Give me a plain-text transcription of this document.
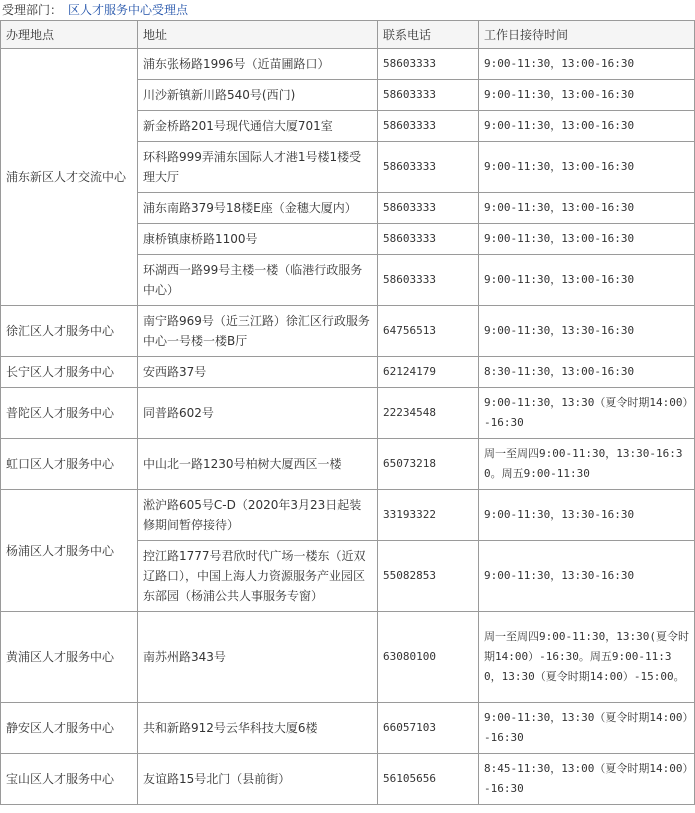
受理部门： 区人才服务中心受理点
办理地点	地址	联系电话	工作日接待时间
浦东新区人才交流中心	浦东张杨路1996号（近苗圃路口）	58603333	9:00-11:30，13:00-16:30
	川沙新镇新川路540号(西门)	58603333	9:00-11:30，13:00-16:30
	新金桥路201号现代通信大厦701室	58603333	9:00-11:30，13:00-16:30
	环科路999弄浦东国际人才港1号楼1楼受理大厅	58603333	9:00-11:30，13:00-16:30
	浦东南路379号18楼E座（金穗大厦内）	58603333	9:00-11:30，13:00-16:30
	康桥镇康桥路1100号	58603333	9:00-11:30，13:00-16:30
	环湖西一路99号主楼一楼（临港行政服务中心）	58603333	9:00-11:30，13:00-16:30
徐汇区人才服务中心	南宁路969号（近三江路）徐汇区行政服务中心一号楼一楼B厅	64756513	9:00-11:30，13:30-16:30
长宁区人才服务中心	安西路37号	62124179	8:30-11:30，13:00-16:30
普陀区人才服务中心	同普路602号	22234548	9:00-11:30，13:30（夏令时期14:00）-16:30
虹口区人才服务中心	中山北一路1230号柏树大厦西区一楼	65073218	周一至周四9:00-11:30，13:30-16:30。周五9:00-11:30
杨浦区人才服务中心	淞沪路605号C-D（2020年3月23日起装修期间暂停接待）	33193322	9:00-11:30，13:30-16:30
	控江路1777号君欣时代广场一楼东（近双辽路口），中国上海人力资源服务产业园区东部园（杨浦公共人事服务专窗）	55082853	9:00-11:30，13:30-16:30
黄浦区人才服务中心	南苏州路343号	63080100	周一至周四9:00-11:30，13:30(夏令时期14:00）-16:30。周五9:00-11:30，13:30（夏令时期14:00）-15:00。
静安区人才服务中心	共和新路912号云华科技大厦6楼	66057103	9:00-11:30，13:30（夏令时期14:00）-16:30
宝山区人才服务中心	友谊路15号北门（县前街）	56105656	8:45-11:30，13:00（夏令时期14:00）-16:30
